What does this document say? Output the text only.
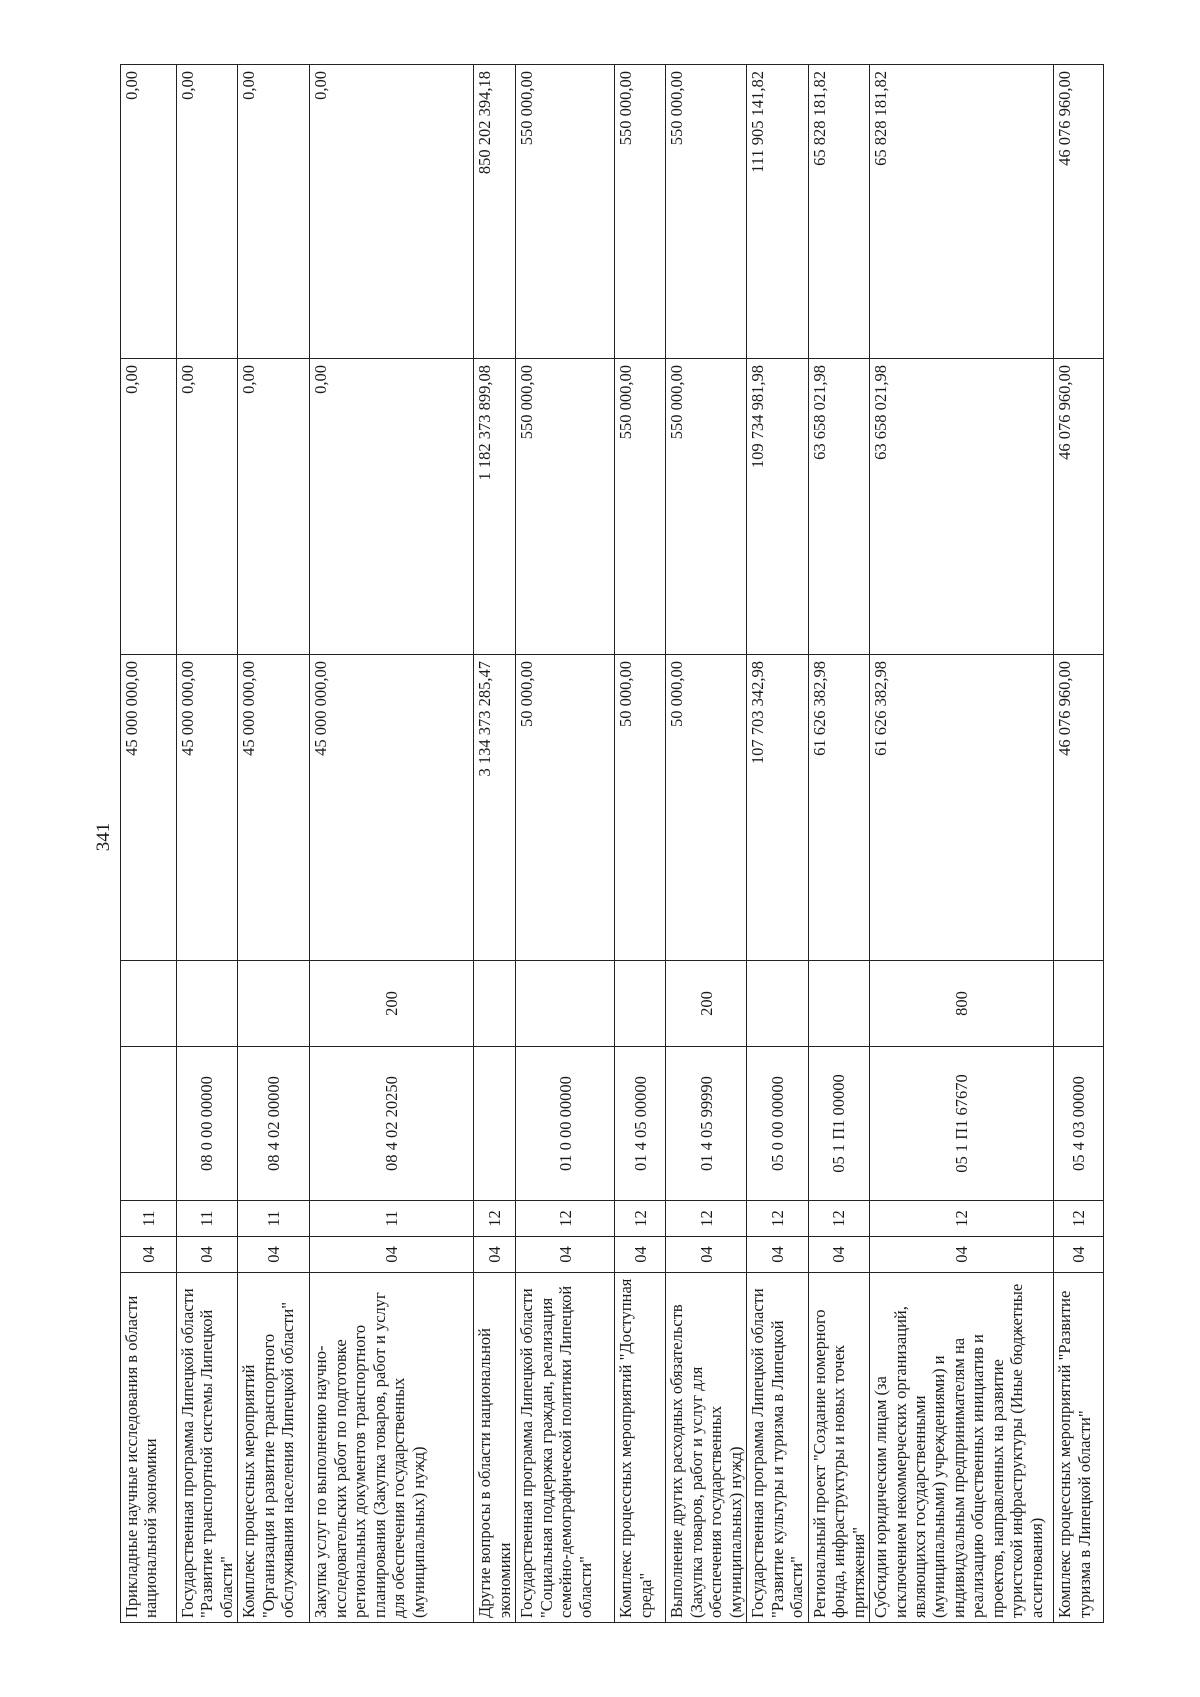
341
Прикладные научные исследования в области национальной экономики	04	11			45 000 000,00	0,00	0,00
Государственная программа Липецкой области "Развитие транспортной системы Липецкой области"	04	11	08 0 00 00000		45 000 000,00	0,00	0,00
Комплекс процессных мероприятий "Организация и развитие транспортного обслуживания населения Липецкой области"	04	11	08 4 02 00000		45 000 000,00	0,00	0,00
Закупка услуг по выполнению научно-исследовательских работ по подготовке региональных документов транспортного планирования (Закупка товаров, работ и услуг для обеспечения государственных (муниципальных) нужд)	04	11	08 4 02 20250	200	45 000 000,00	0,00	0,00
Другие вопросы в области национальной экономики	04	12			3 134 373 285,47	1 182 373 899,08	850 202 394,18
Государственная программа Липецкой области "Социальная поддержка граждан, реализация семейно-демографической политики Липецкой области"	04	12	01 0 00 00000		50 000,00	550 000,00	550 000,00
Комплекс процессных мероприятий "Доступная среда"	04	12	01 4 05 00000		50 000,00	550 000,00	550 000,00
Выполнение других расходных обязательств (Закупка товаров, работ и услуг для обеспечения государственных (муниципальных) нужд)	04	12	01 4 05 99990	200	50 000,00	550 000,00	550 000,00
Государственная программа Липецкой области "Развитие культуры и туризма в Липецкой области"	04	12	05 0 00 00000		107 703 342,98	109 734 981,98	111 905 141,82
Региональный проект "Создание номерного фонда, инфраструктуры и новых точек притяжения"	04	12	05 1 П1 00000		61 626 382,98	63 658 021,98	65 828 181,82
Субсидии юридическим лицам (за исключением некоммерческих организаций, являющихся государственными (муниципальными) учреждениями) и индивидуальным предпринимателям на реализацию общественных инициатив и проектов, направленных на развитие туристской инфраструктуры (Иные бюджетные ассигнования)	04	12	05 1 П1 67670	800	61 626 382,98	63 658 021,98	65 828 181,82
Комплекс процессных мероприятий "Развитие туризма в Липецкой области"	04	12	05 4 03 00000		46 076 960,00	46 076 960,00	46 076 960,00
